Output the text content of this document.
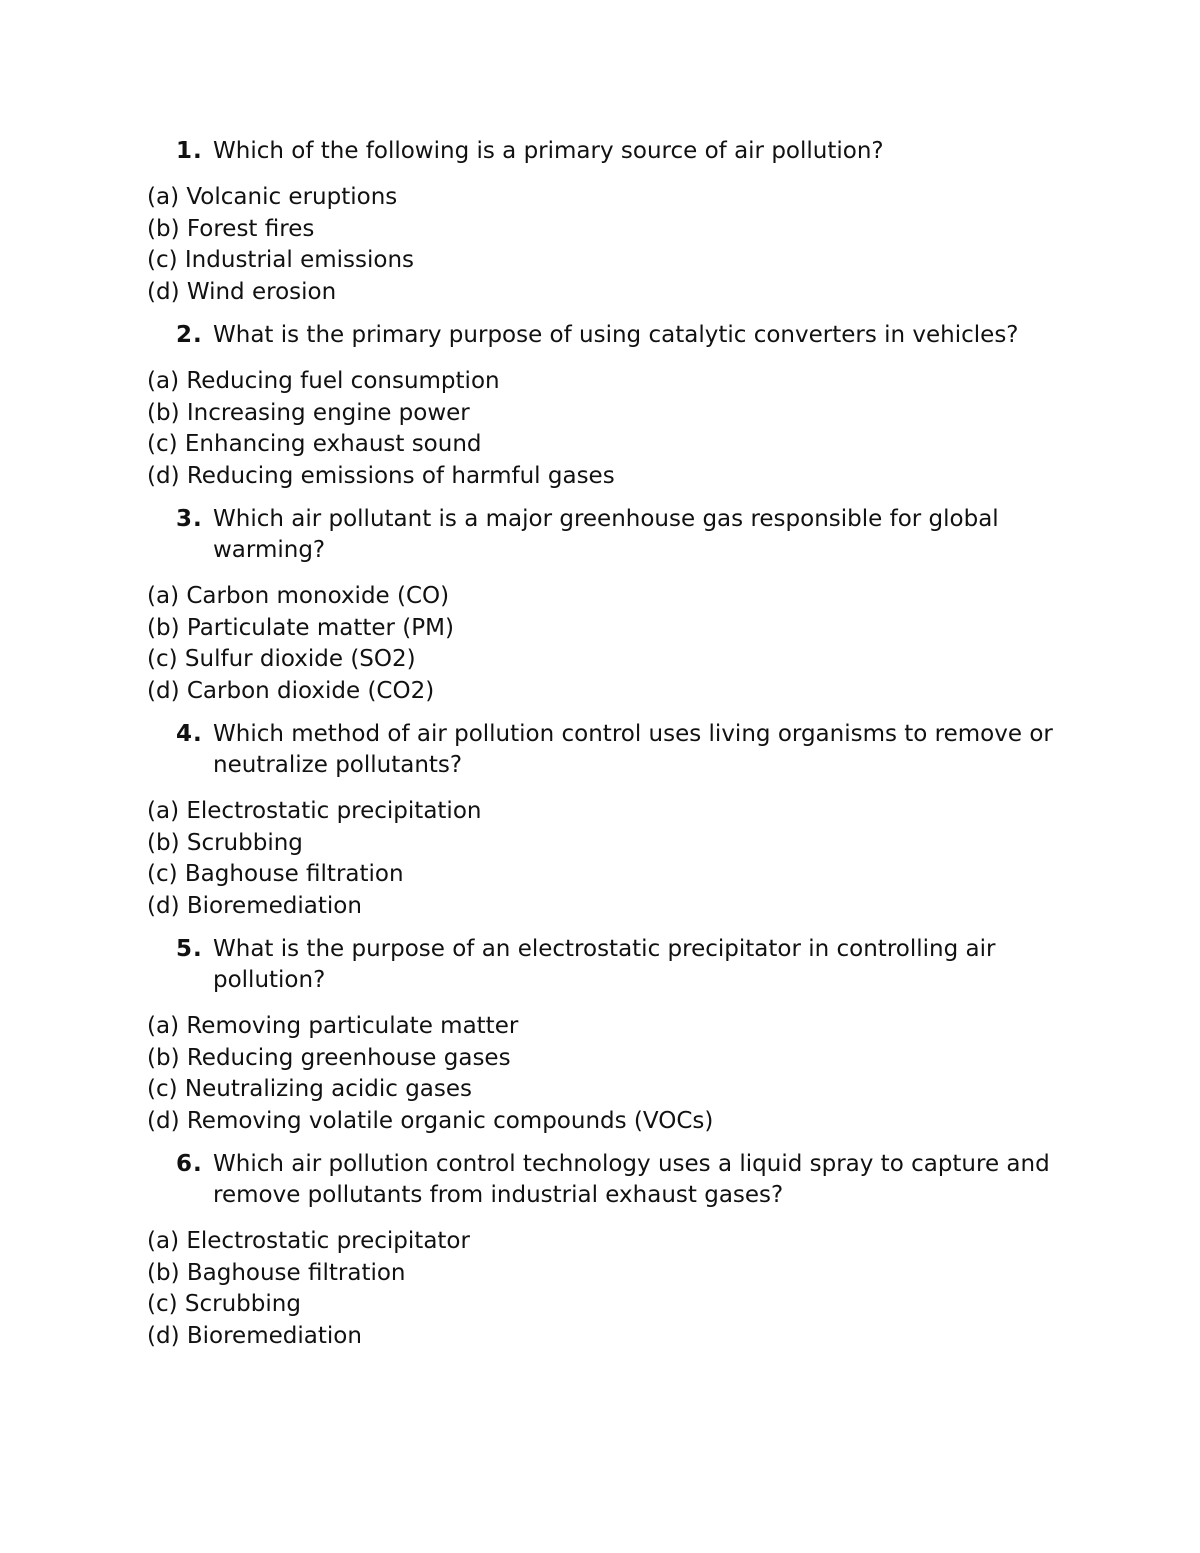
1. Which of the following is a primary source of air pollution?
(a) Volcanic eruptions
(b) Forest fires
(c) Industrial emissions
(d) Wind erosion
2. What is the primary purpose of using catalytic converters in vehicles?
(a) Reducing fuel consumption
(b) Increasing engine power
(c) Enhancing exhaust sound
(d) Reducing emissions of harmful gases
3. Which air pollutant is a major greenhouse gas responsible for global warming?
(a) Carbon monoxide (CO)
(b) Particulate matter (PM)
(c) Sulfur dioxide (SO2)
(d) Carbon dioxide (CO2)
4. Which method of air pollution control uses living organisms to remove or neutralize pollutants?
(a) Electrostatic precipitation
(b) Scrubbing
(c) Baghouse filtration
(d) Bioremediation
5. What is the purpose of an electrostatic precipitator in controlling air pollution?
(a) Removing particulate matter
(b) Reducing greenhouse gases
(c) Neutralizing acidic gases
(d) Removing volatile organic compounds (VOCs)
6. Which air pollution control technology uses a liquid spray to capture and remove pollutants from industrial exhaust gases?
(a) Electrostatic precipitator
(b) Baghouse filtration
(c) Scrubbing
(d) Bioremediation
